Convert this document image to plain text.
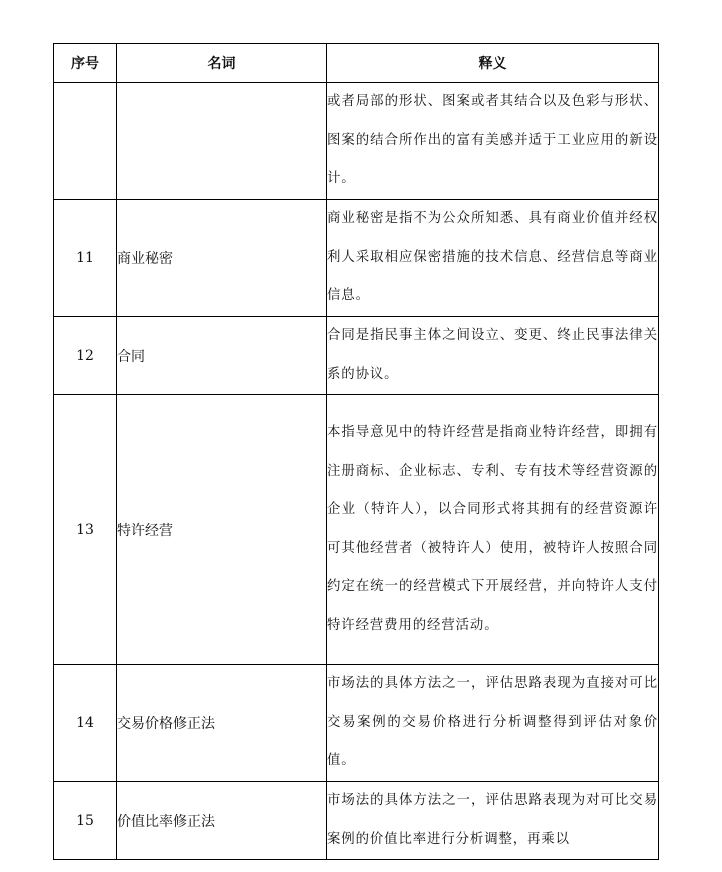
序号	名词	释义
		或者局部的形状、图案或者其结合以及色彩与形状、图案的结合所作出的富有美感并适于工业应用的新设计。
11	商业秘密	商业秘密是指不为公众所知悉、具有商业价值并经权利人采取相应保密措施的技术信息、经营信息等商业信息。
12	合同	合同是指民事主体之间设立、变更、终止民事法律关系的协议。
13	特许经营	本指导意见中的特许经营是指商业特许经营，即拥有注册商标、企业标志、专利、专有技术等经营资源的企业（特许人），以合同形式将其拥有的经营资源许可其他经营者（被特许人）使用，被特许人按照合同约定在统一的经营模式下开展经营，并向特许人支付特许经营费用的经营活动。
14	交易价格修正法	市场法的具体方法之一，评估思路表现为直接对可比交易案例的交易价格进行分析调整得到评估对象价值。
15	价值比率修正法	市场法的具体方法之一，评估思路表现为对可比交易案例的价值比率进行分析调整，再乘以
